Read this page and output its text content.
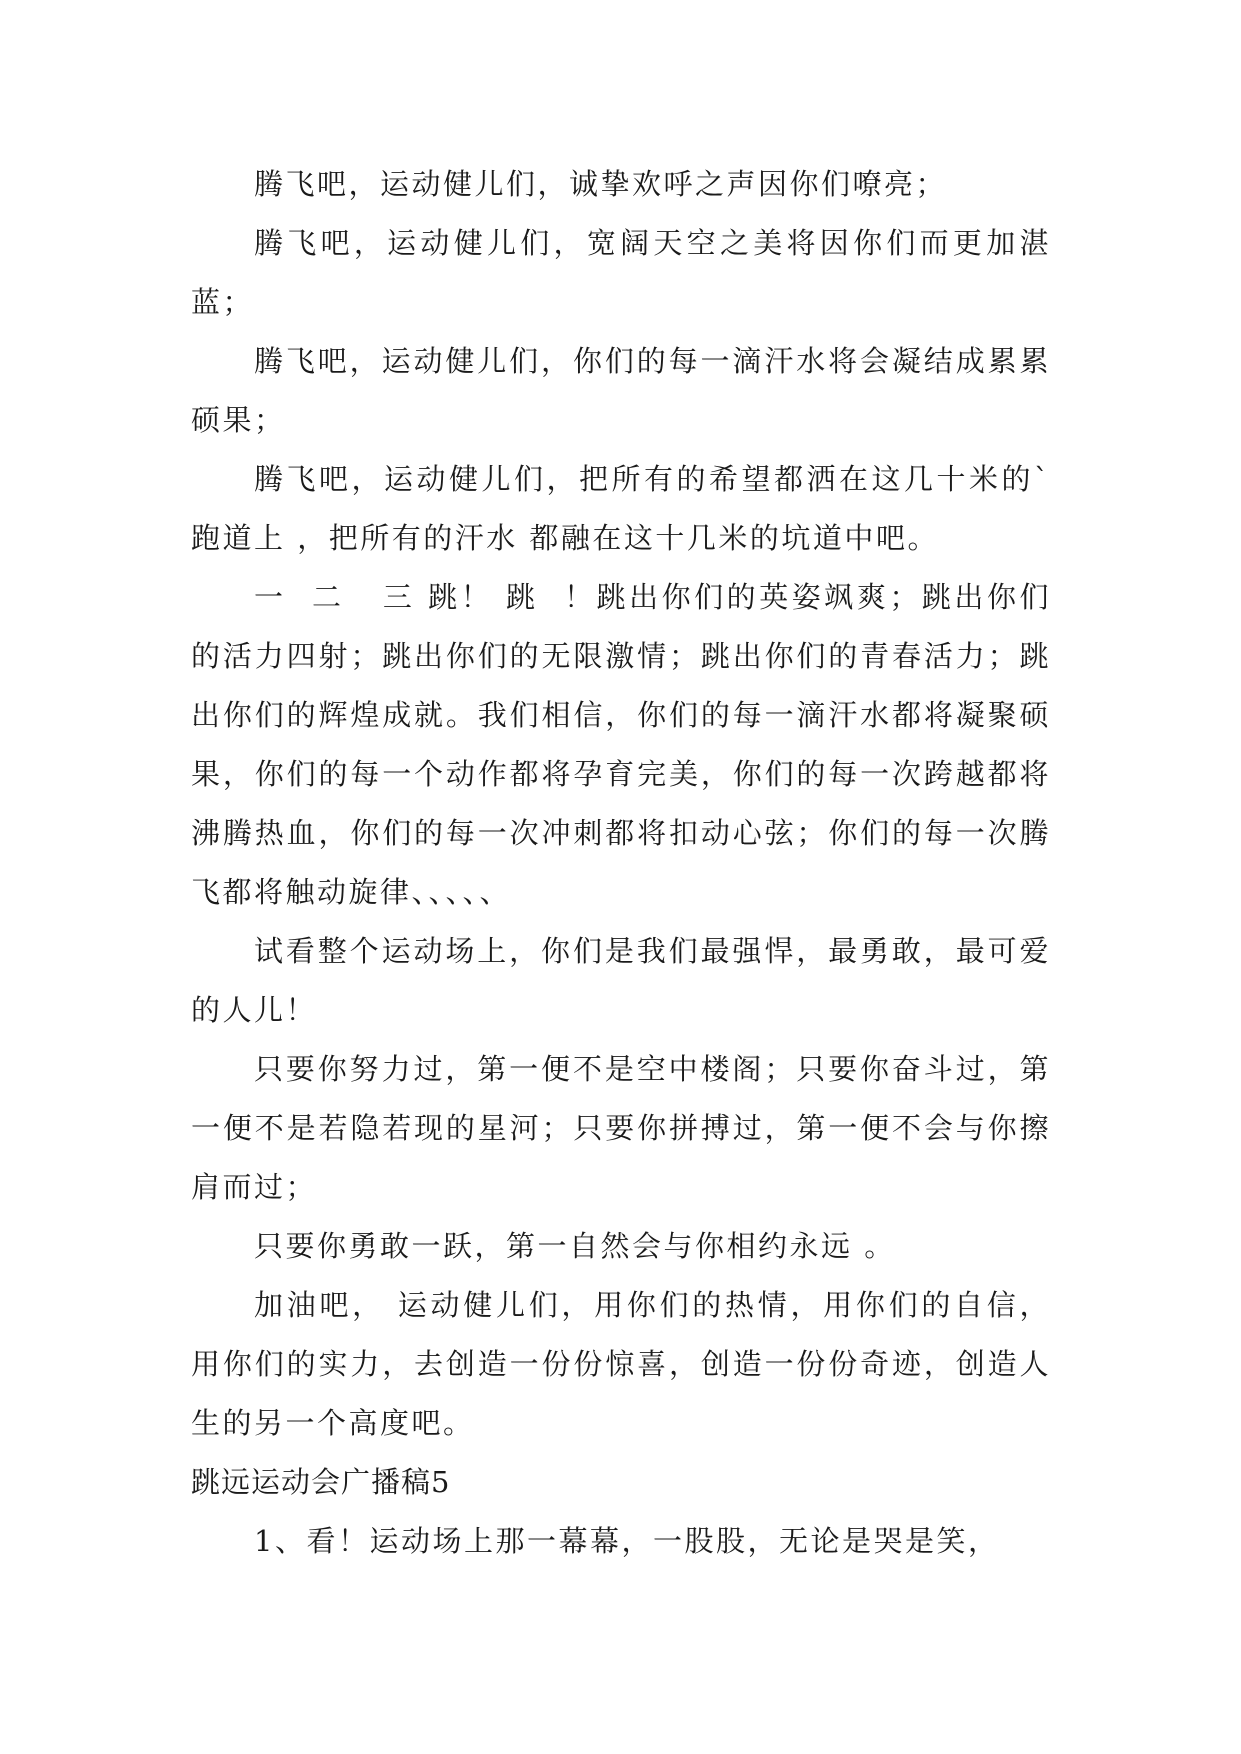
腾飞吧，运动健儿们，诚挚欢呼之声因你们嘹亮；

腾飞吧，运动健儿们，宽阔天空之美将因你们而更加湛蓝；

腾飞吧，运动健儿们，你们的每一滴汗水将会凝结成累累硕果；

腾飞吧，运动健儿们，把所有的希望都洒在这几十米的`跑道上 ，把所有的汗水 都融在这十几米的坑道中吧。

一  二   三 跳！ 跳  ！跳出你们的英姿飒爽；跳出你们的活力四射；跳出你们的无限激情；跳出你们的青春活力；跳出你们的辉煌成就。我们相信，你们的每一滴汗水都将凝聚硕果，你们的每一个动作都将孕育完美，你们的每一次跨越都将沸腾热血，你们的每一次冲刺都将扣动心弦；你们的每一次腾飞都将触动旋律、、、、、

试看整个运动场上，你们是我们最强悍，最勇敢，最可爱的人儿！

只要你努力过，第一便不是空中楼阁；只要你奋斗过，第一便不是若隐若现的星河；只要你拼搏过，第一便不会与你擦肩而过；

只要你勇敢一跃，第一自然会与你相约永远 。

加油吧， 运动健儿们，用你们的热情，用你们的自信，用你们的实力，去创造一份份惊喜，创造一份份奇迹，创造人生的另一个高度吧。

跳远运动会广播稿5

1、看！运动场上那一幕幕，一股股，无论是哭是笑，
